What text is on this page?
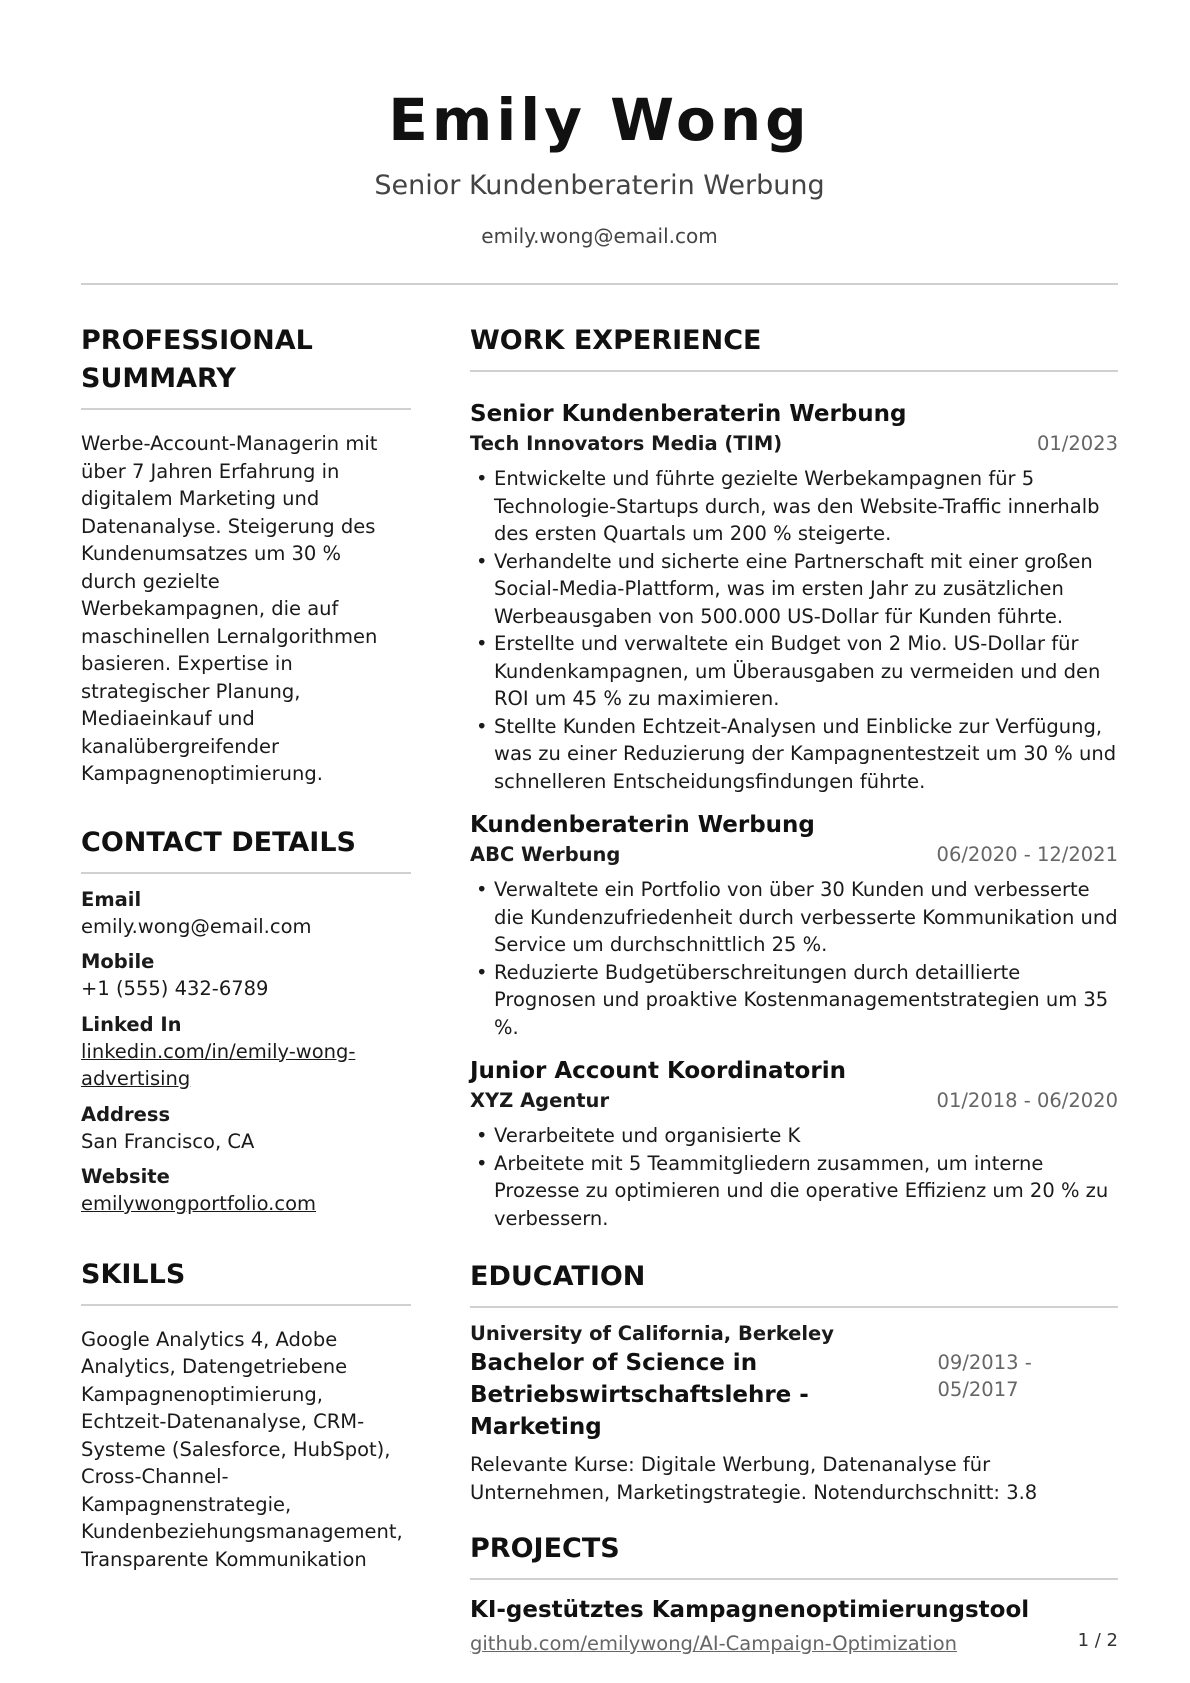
Emily Wong
Senior Kundenberaterin Werbung
emily.wong@email.com
PROFESSIONAL SUMMARY
Werbe-Account-Managerin mit über 7 Jahren Erfahrung in digitalem Marketing und Datenanalyse. Steigerung des Kundenumsatzes um 30 % durch gezielte Werbekampagnen, die auf maschinellen Lernalgorithmen basieren. Expertise in strategischer Planung, Mediaeinkauf und kanalübergreifender Kampagnenoptimierung.
CONTACT DETAILS
Email
emily.wong@email.com
Mobile
+1 (555) 432-6789
Linked In
linkedin.com/in/emily-wong-advertising
Address
San Francisco, CA
Website
emilywongportfolio.com
SKILLS
Google Analytics 4, Adobe Analytics, Datengetriebene Kampagnenoptimierung, Echtzeit-Datenanalyse, CRM-Systeme (Salesforce, HubSpot), Cross-Channel-Kampagnenstrategie, Kundenbeziehungsmanagement, Transparente Kommunikation
WORK EXPERIENCE
Senior Kundenberaterin Werbung
Tech Innovators Media (TIM)	01/2023
• Entwickelte und führte gezielte Werbekampagnen für 5 Technologie-Startups durch, was den Website-Traffic innerhalb des ersten Quartals um 200 % steigerte.
• Verhandelte und sicherte eine Partnerschaft mit einer großen Social-Media-Plattform, was im ersten Jahr zu zusätzlichen Werbeausgaben von 500.000 US-Dollar für Kunden führte.
• Erstellte und verwaltete ein Budget von 2 Mio. US-Dollar für Kundenkampagnen, um Überausgaben zu vermeiden und den ROI um 45 % zu maximieren.
• Stellte Kunden Echtzeit-Analysen und Einblicke zur Verfügung, was zu einer Reduzierung der Kampagnentestzeit um 30 % und schnelleren Entscheidungsfindungen führte.
Kundenberaterin Werbung
ABC Werbung	06/2020 - 12/2021
• Verwaltete ein Portfolio von über 30 Kunden und verbesserte die Kundenzufriedenheit durch verbesserte Kommunikation und Service um durchschnittlich 25 %.
• Reduzierte Budgetüberschreitungen durch detaillierte Prognosen und proaktive Kostenmanagementstrategien um 35 %.
Junior Account Koordinatorin
XYZ Agentur	01/2018 - 06/2020
• Verarbeitete und organisierte K
• Arbeitete mit 5 Teammitgliedern zusammen, um interne Prozesse zu optimieren und die operative Effizienz um 20 % zu verbessern.
EDUCATION
University of California, Berkeley
Bachelor of Science in Betriebswirtschaftslehre - Marketing
09/2013 - 05/2017
Relevante Kurse: Digitale Werbung, Datenanalyse für Unternehmen, Marketingstrategie. Notendurchschnitt: 3.8
PROJECTS
KI-gestütztes Kampagnenoptimierungstool
github.com/emilywong/AI-Campaign-Optimization	1 / 2
